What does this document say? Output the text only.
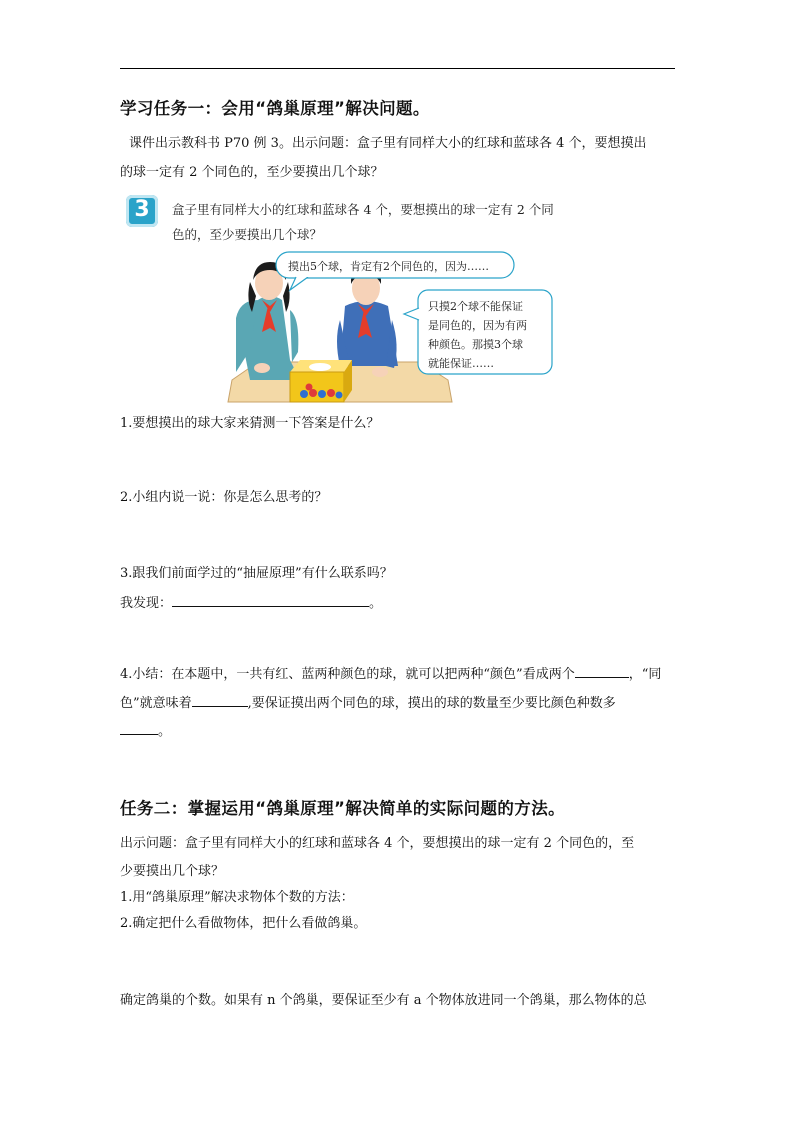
学习任务一：会用“鸽巢原理”解决问题。
课件出示教科书 P70 例 3。出示问题：盒子里有同样大小的红球和蓝球各 4 个，要想摸出
的球一定有 2 个同色的，至少要摸出几个球？
3	盒子里有同样大小的红球和蓝球各 4 个，要想摸出的球一定有 2 个同
色的，至少要摸出几个球？
摸出5个球，肯定有2个同色的，因为……
只摸2个球不能保证
是同色的，因为有两
种颜色。那摸3个球
就能保证……
1.要想摸出的球大家来猜测一下答案是什么？
2.小组内说一说：你是怎么思考的？
3.跟我们前面学过的“抽屉原理”有什么联系吗？
我发现：	。
4.小结：在本题中，一共有红、蓝两种颜色的球，就可以把两种“颜色”看成两个	，“同
色”就意味着	,要保证摸出两个同色的球，摸出的球的数量至少要比颜色种数多
。
任务二：掌握运用“鸽巢原理”解决简单的实际问题的方法。
出示问题：盒子里有同样大小的红球和蓝球各 4 个，要想摸出的球一定有 2 个同色的，至
少要摸出几个球？
1.用“鸽巢原理”解决求物体个数的方法：
2.确定把什么看做物体，把什么看做鸽巢。
确定鸽巢的个数。如果有 n 个鸽巢，要保证至少有 a 个物体放进同一个鸽巢，那么物体的总
